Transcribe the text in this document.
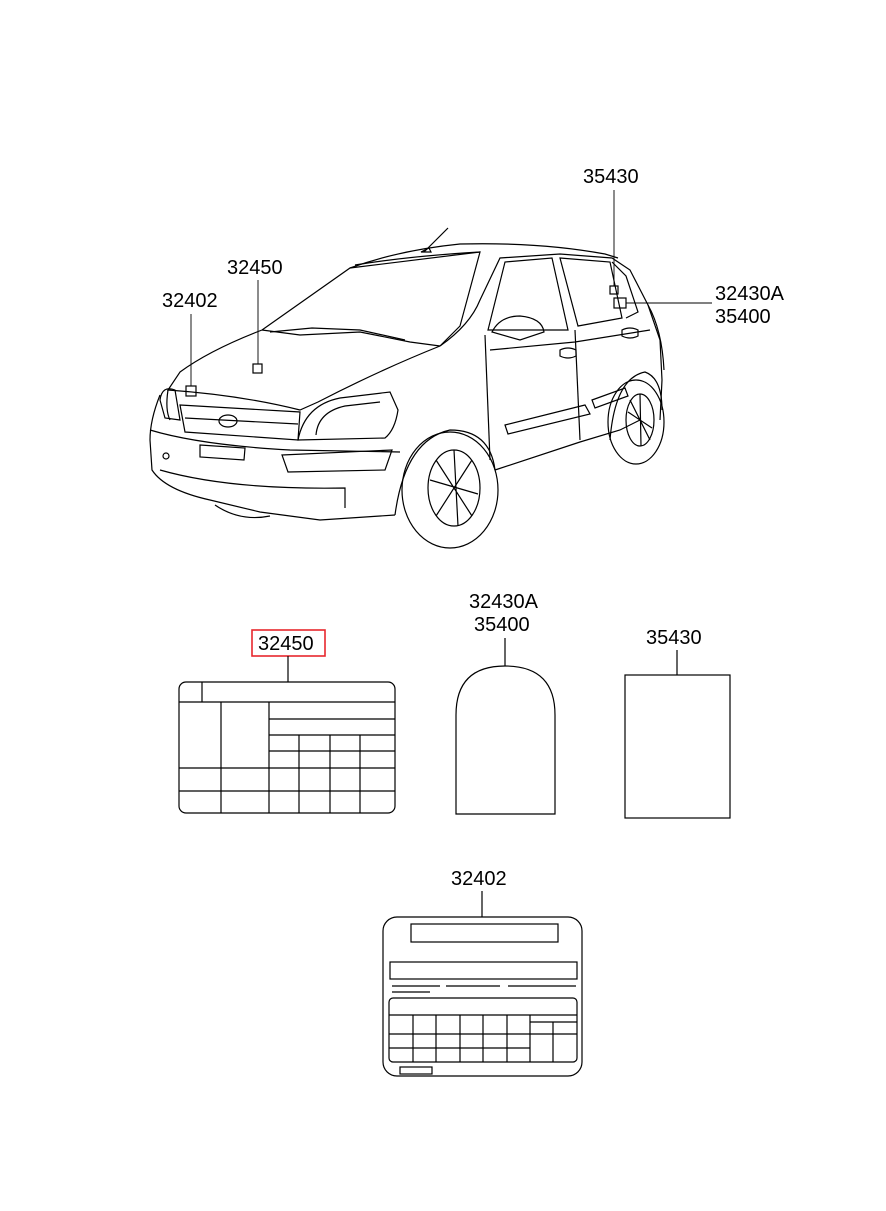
35430
32450
32402	32430A
35400
32450
32430A
35400
35430
32402
